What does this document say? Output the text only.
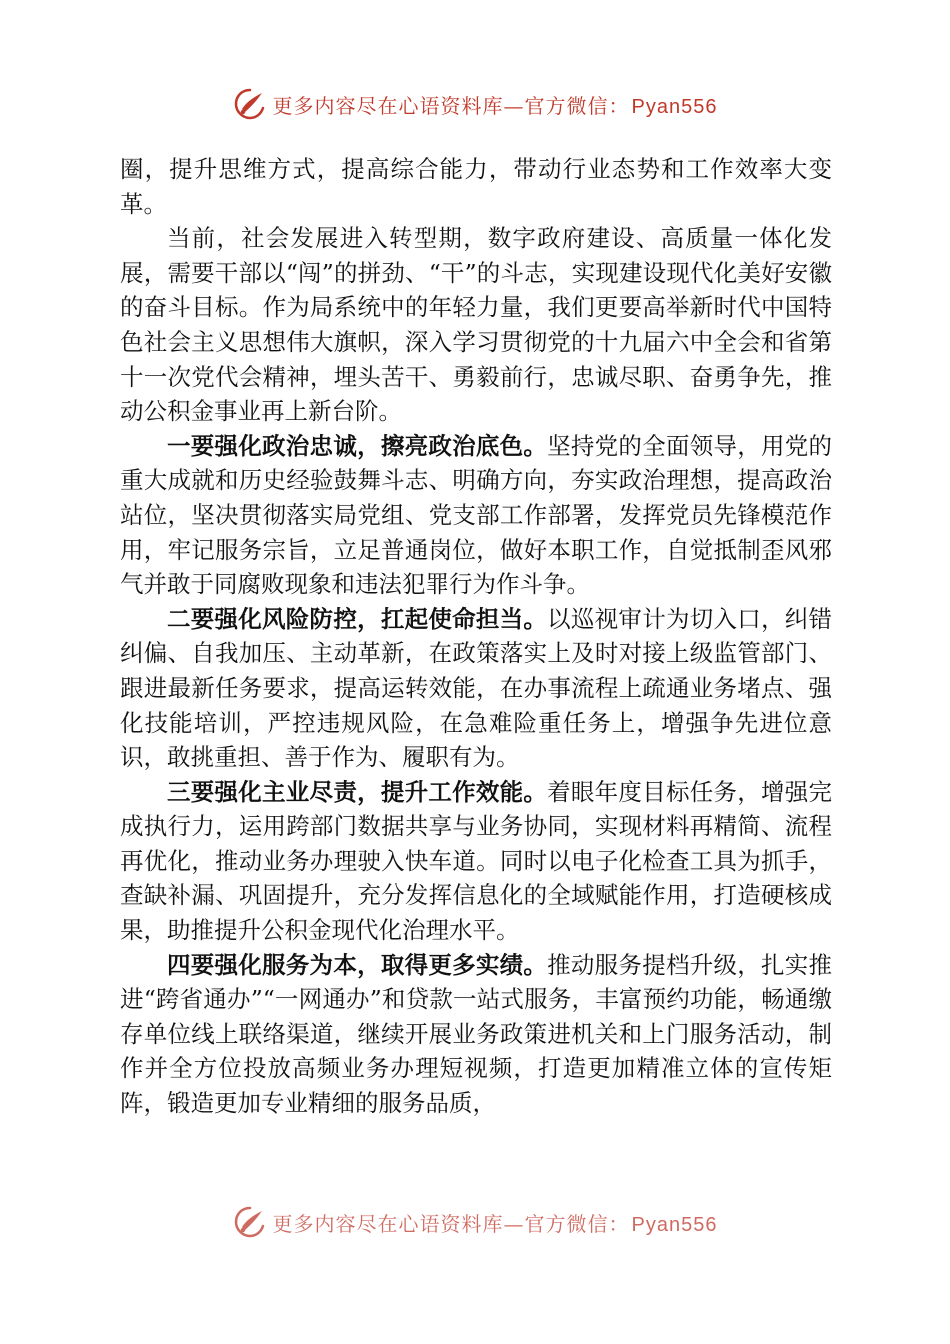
更多内容尽在心语资料库—官方微信： Pyan556

圈，提升思维方式，提高综合能力，带动行业态势和工作效率大变革。

当前，社会发展进入转型期，数字政府建设、高质量一体化发展，需要干部以“闯”的拼劲、“干”的斗志，实现建设现代化美好安徽的奋斗目标。作为局系统中的年轻力量，我们更要高举新时代中国特色社会主义思想伟大旗帜，深入学习贯彻党的十九届六中全会和省第十一次党代会精神，埋头苦干、勇毅前行，忠诚尽职、奋勇争先，推动公积金事业再上新台阶。

一要强化政治忠诚，擦亮政治底色。坚持党的全面领导，用党的重大成就和历史经验鼓舞斗志、明确方向，夯实政治理想，提高政治站位，坚决贯彻落实局党组、党支部工作部署，发挥党员先锋模范作用，牢记服务宗旨，立足普通岗位，做好本职工作，自觉抵制歪风邪气并敢于同腐败现象和违法犯罪行为作斗争。

二要强化风险防控，扛起使命担当。以巡视审计为切入口，纠错纠偏、自我加压、主动革新，在政策落实上及时对接上级监管部门、跟进最新任务要求，提高运转效能，在办事流程上疏通业务堵点、强化技能培训，严控违规风险，在急难险重任务上，增强争先进位意识，敢挑重担、善于作为、履职有为。

三要强化主业尽责，提升工作效能。着眼年度目标任务，增强完成执行力，运用跨部门数据共享与业务协同，实现材料再精简、流程再优化，推动业务办理驶入快车道。同时以电子化检查工具为抓手，查缺补漏、巩固提升，充分发挥信息化的全域赋能作用，打造硬核成果，助推提升公积金现代化治理水平。

四要强化服务为本，取得更多实绩。推动服务提档升级，扎实推进“跨省通办”“一网通办”和贷款一站式服务，丰富预约功能，畅通缴存单位线上联络渠道，继续开展业务政策进机关和上门服务活动，制作并全方位投放高频业务办理短视频，打造更加精准立体的宣传矩阵，锻造更加专业精细的服务品质，

更多内容尽在心语资料库—官方微信： Pyan556
